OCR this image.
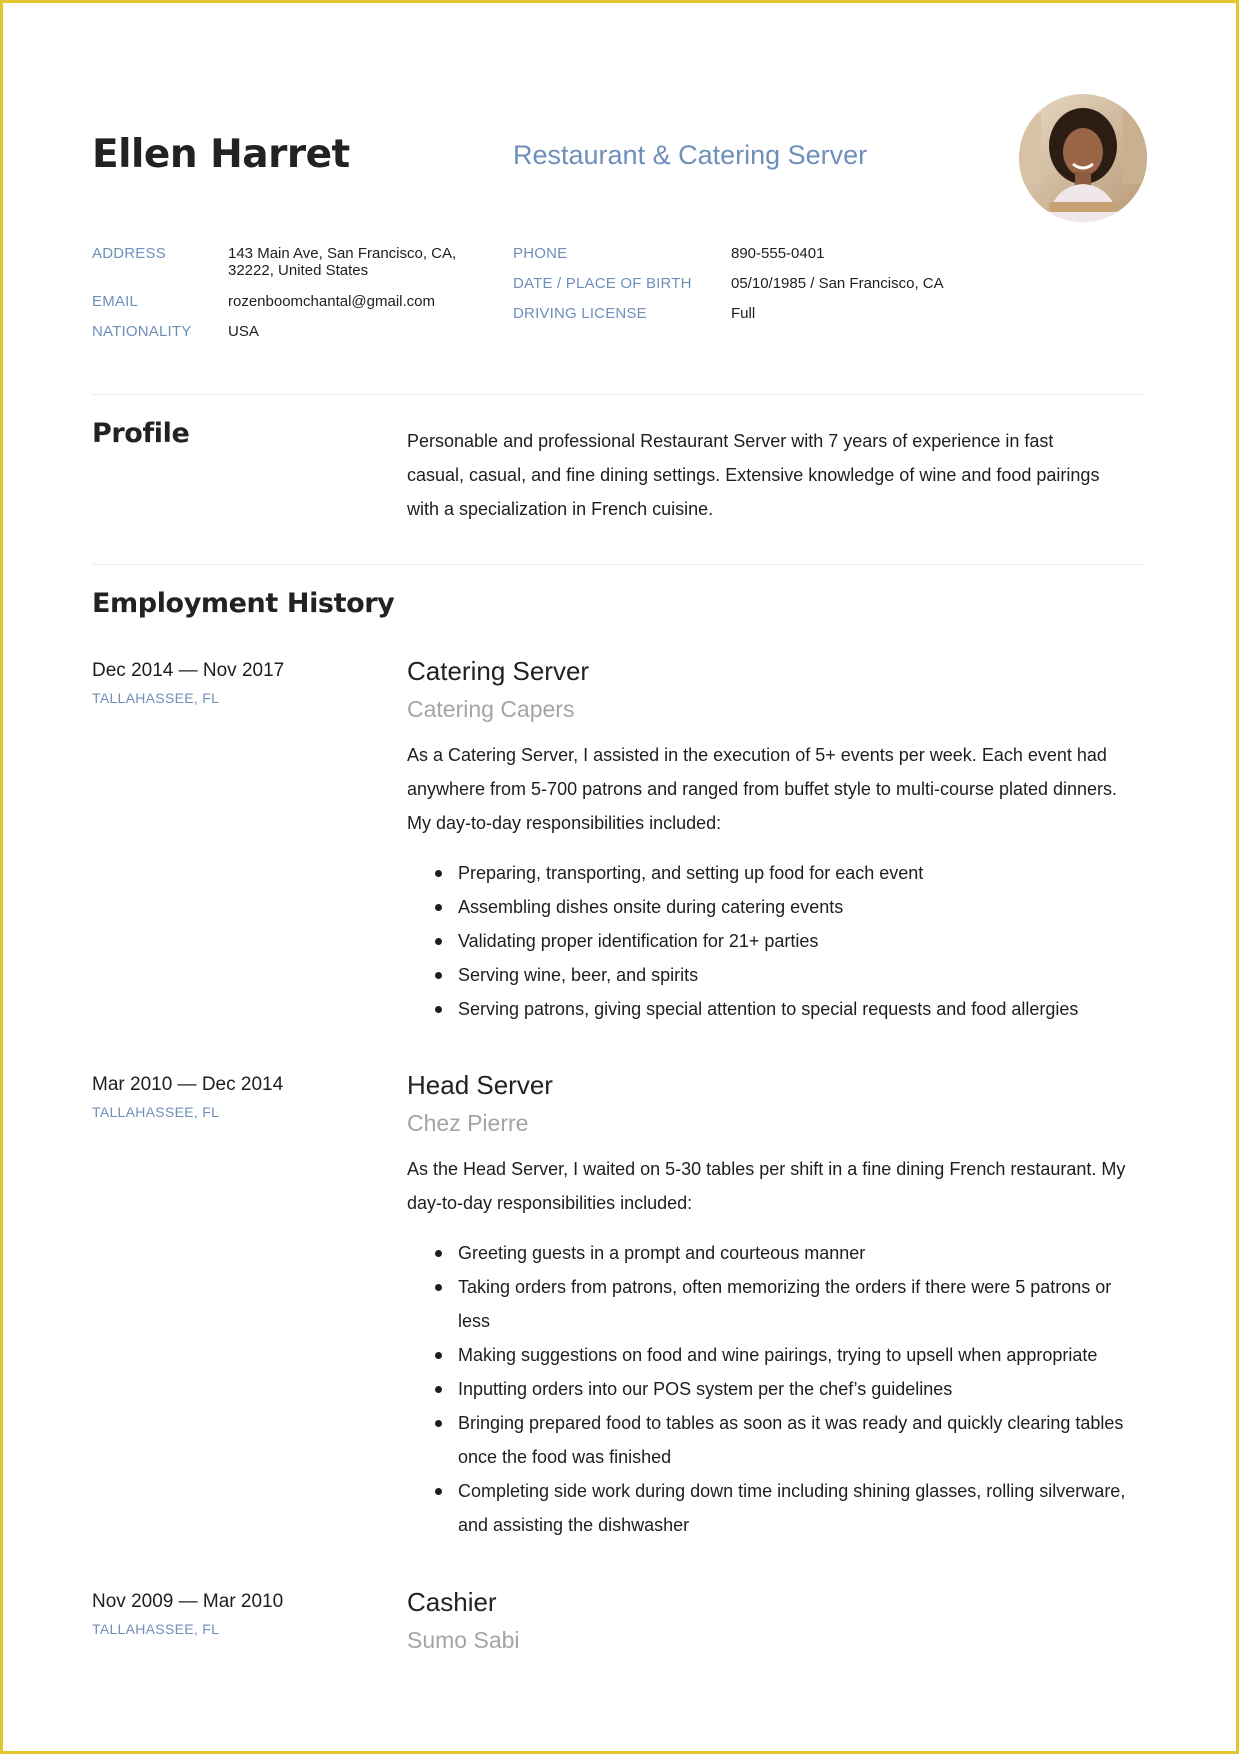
Ellen Harret	Restaurant & Catering Server
ADDRESS	143 Main Ave, San Francisco, CA,
32222, United States
EMAIL	rozenboomchantal@gmail.com
NATIONALITY USA
PHONE	890-555-0401
DATE / PLACE OF BIRTH	05/10/1985 / San Francisco, CA
DRIVING LICENSE	Full
Profile	Personable and professional Restaurant Server with 7 years of experience in fast casual, casual, and fine dining settings. Extensive knowledge of wine and food pairings with a specialization in French cuisine.
Employment History
Dec 2014 — Nov 2017
TALLAHASSEE, FL
Catering Server
Catering Capers
As a Catering Server, I assisted in the execution of 5+ events per week. Each event had anywhere from 5-700 patrons and ranged from buffet style to multi-course plated dinners. My day-to-day responsibilities included:
Preparing, transporting, and setting up food for each event
Assembling dishes onsite during catering events
Validating proper identification for 21+ parties
Serving wine, beer, and spirits
Serving patrons, giving special attention to special requests and food allergies
Mar 2010 — Dec 2014
TALLAHASSEE, FL
Head Server
Chez Pierre
As the Head Server, I waited on 5-30 tables per shift in a fine dining French restaurant. My day-to-day responsibilities included:
Greeting guests in a prompt and courteous manner
Taking orders from patrons, often memorizing the orders if there were 5 patrons or less
Making suggestions on food and wine pairings, trying to upsell when appropriate
Inputting orders into our POS system per the chef’s guidelines
Bringing prepared food to tables as soon as it was ready and quickly clearing tables once the food was finished
Completing side work during down time including shining glasses, rolling silverware, and assisting the dishwasher
Nov 2009 — Mar 2010
TALLAHASSEE, FL
Cashier
Sumo Sabi
